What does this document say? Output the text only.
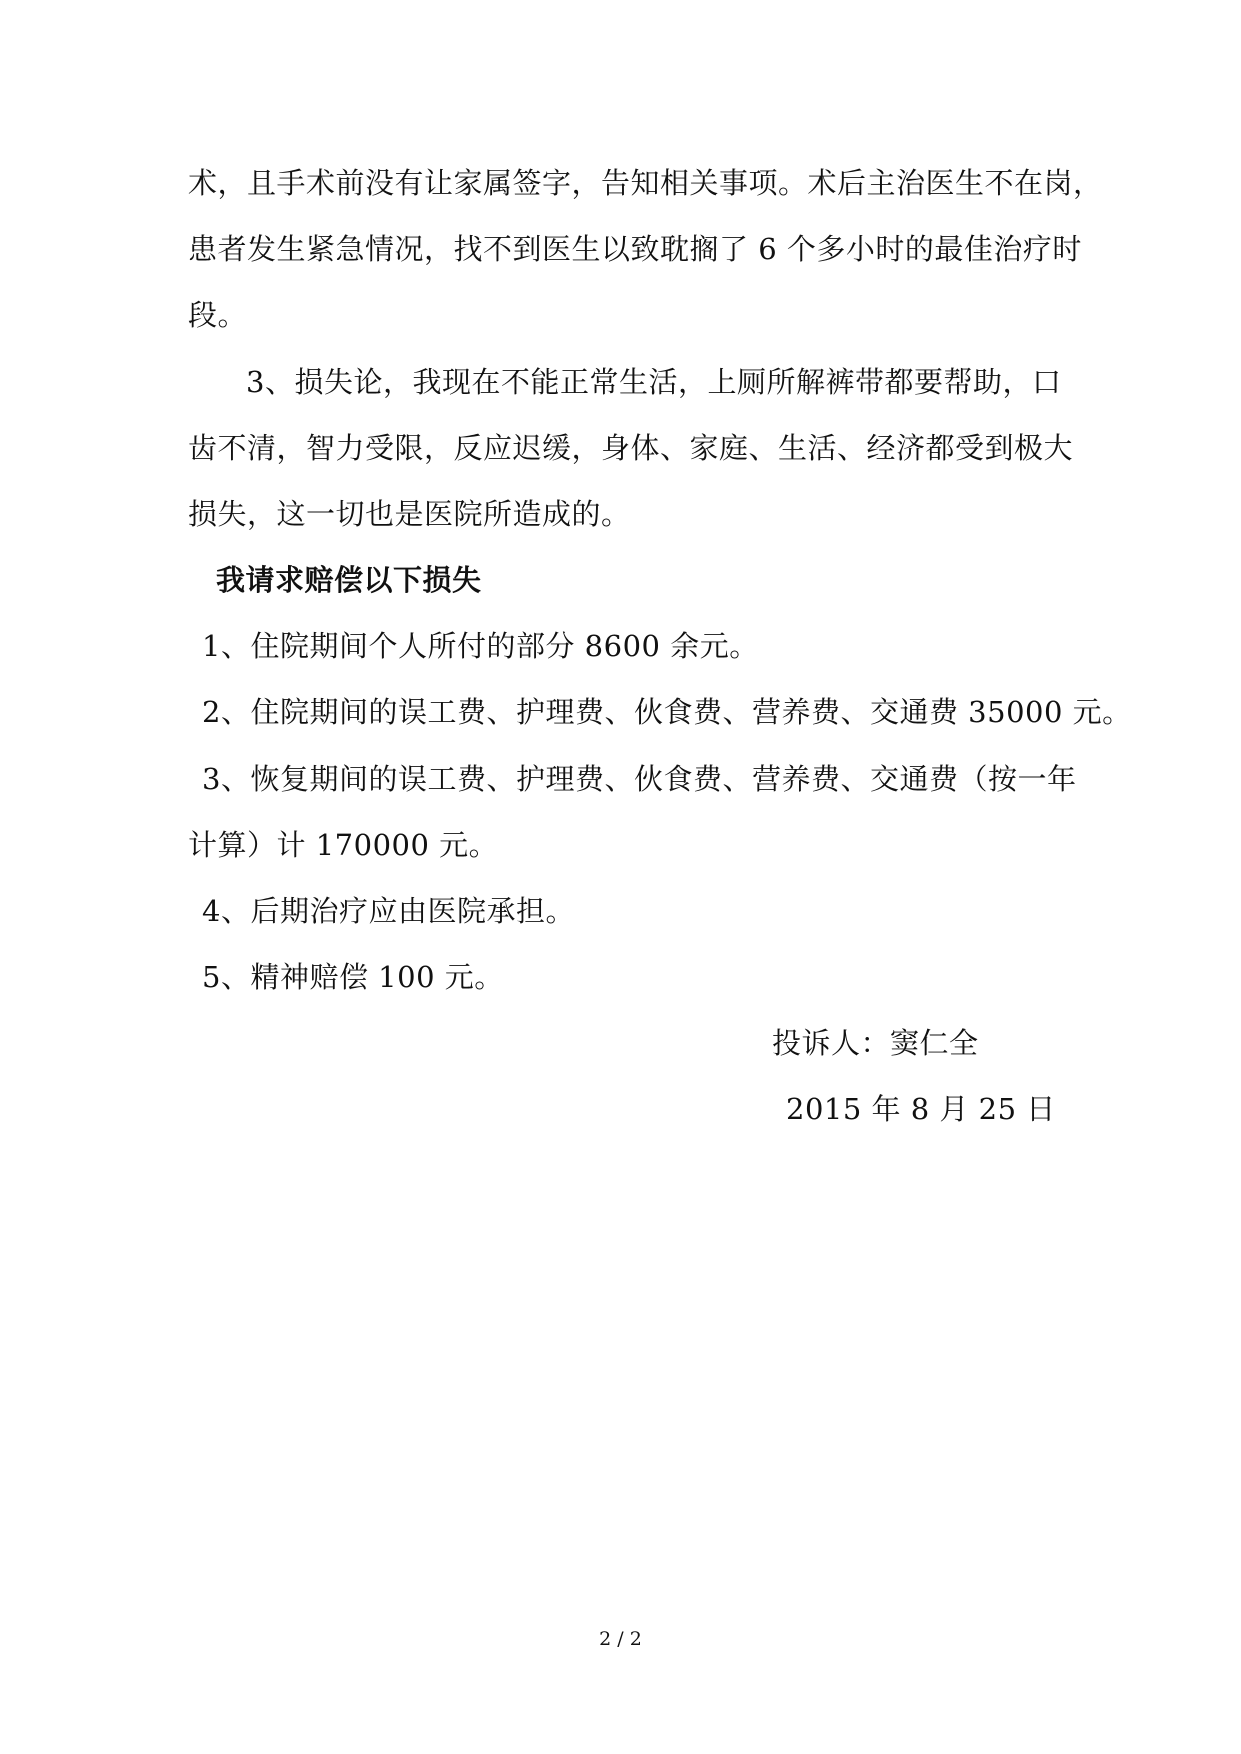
术，且手术前没有让家属签字，告知相关事项。术后主治医生不在岗，
患者发生紧急情况，找不到医生以致耽搁了 6 个多小时的最佳治疗时
段。
3、损失论，我现在不能正常生活，上厕所解裤带都要帮助，口
齿不清，智力受限，反应迟缓，身体、家庭、生活、经济都受到极大
损失，这一切也是医院所造成的。
我请求赔偿以下损失
1、住院期间个人所付的部分 8600 余元。
2、住院期间的误工费、护理费、伙食费、营养费、交通费 35000 元。
3、恢复期间的误工费、护理费、伙食费、营养费、交通费（按一年
计算）计 170000 元。
4、后期治疗应由医院承担。
5、精神赔偿 100 元。
投诉人：窦仁全
2015 年 8 月 25 日
2 / 2
